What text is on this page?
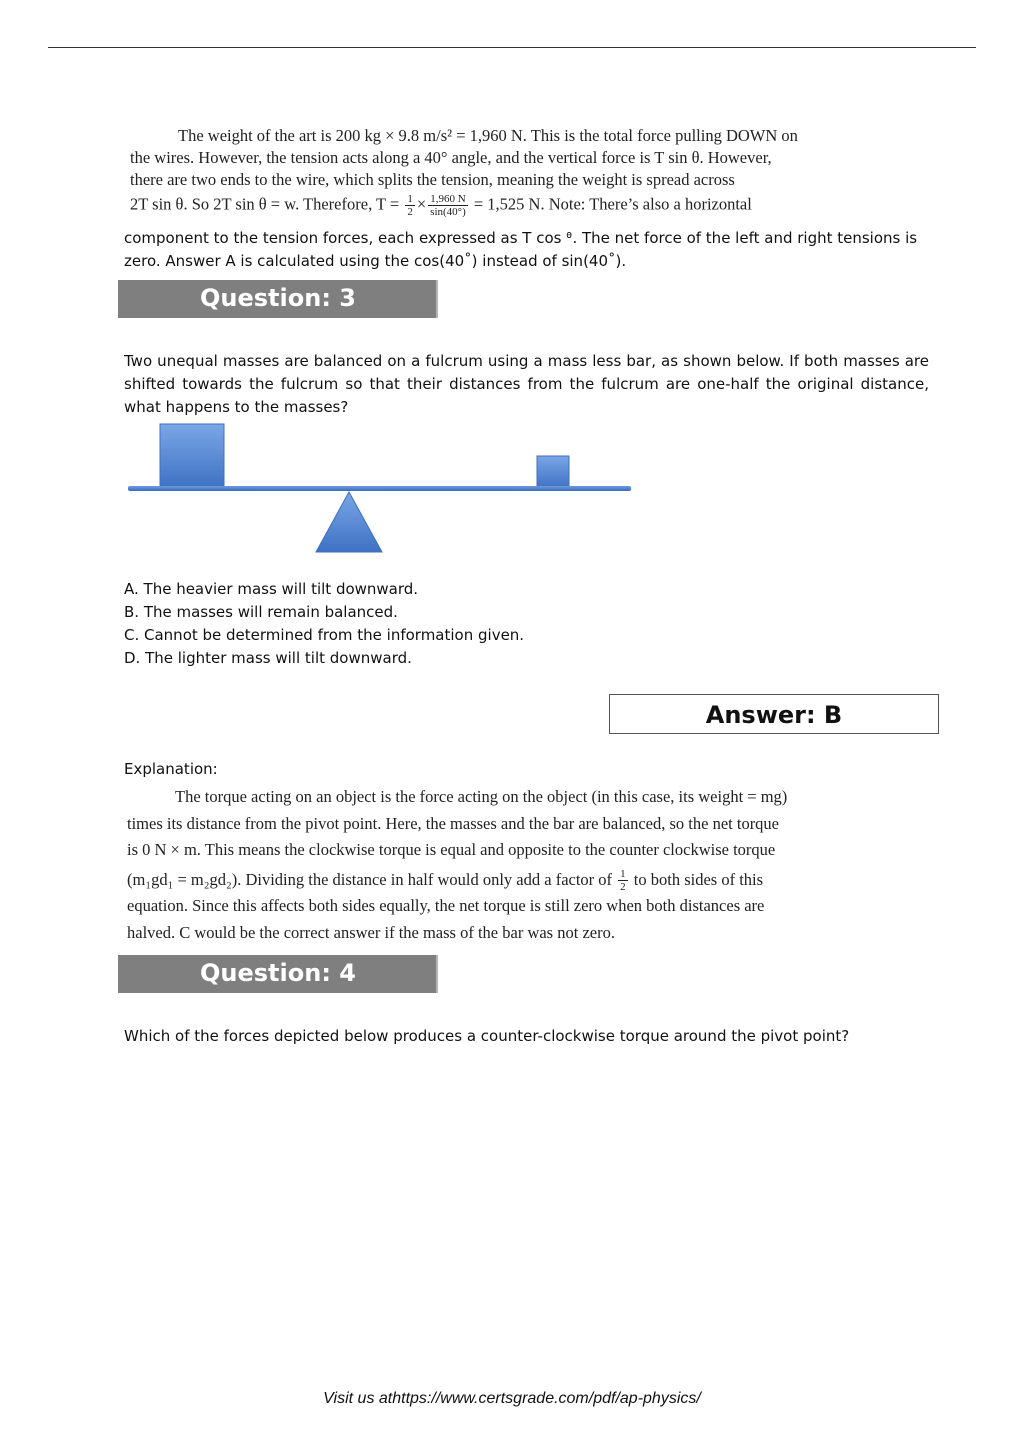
The weight of the art is 200 kg × 9.8 m/s² = 1,960 N. This is the total force pulling DOWN on
the wires. However, the tension acts along a 40° angle, and the vertical force is T sin θ. However,
there are two ends to the wire, which splits the tension, meaning the weight is spread across
2T sin θ. So 2T sin θ = w. Therefore, $T = \frac{1}{2} \times \frac{1,960 N}{\sin(40^\circ)} = 1,525$ N. Note: There’s also a horizontal
component to the tension forces, each expressed as T cos ᶿ. The net force of the left and right tensions is zero. Answer A is calculated using the cos(40˚) instead of sin(40˚).
Question: 3
Two unequal masses are balanced on a fulcrum using a mass less bar, as shown below. If both masses are shifted towards the fulcrum so that their distances from the fulcrum are one-half the original distance, what happens to the masses?
A. The heavier mass will tilt downward.
B. The masses will remain balanced.
C. Cannot be determined from the information given.
D. The lighter mass will tilt downward.
Answer: B
Explanation:
The torque acting on an object is the force acting on the object (in this case, its weight = mg)
times its distance from the pivot point. Here, the masses and the bar are balanced, so the net torque
is 0 N × m. This means the clockwise torque is equal and opposite to the counter clockwise torque
(m₁gd₁ = m₂gd₂). Dividing the distance in half would only add a factor of $\frac{1}{2}$ to both sides of this
equation. Since this affects both sides equally, the net torque is still zero when both distances are
halved. C would be the correct answer if the mass of the bar was not zero.
Question: 4
Which of the forces depicted below produces a counter-clockwise torque around the pivot point?
Visit us athttps://www.certsgrade.com/pdf/ap-physics/
